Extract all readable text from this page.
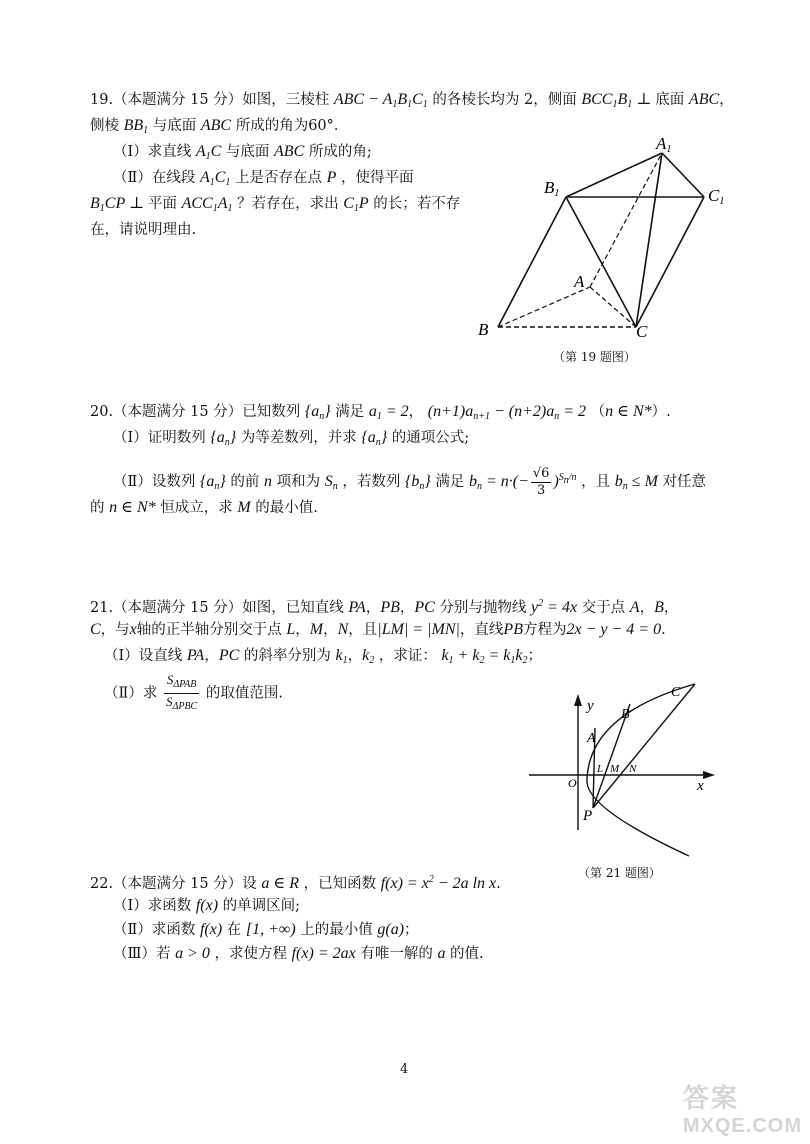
19.（本题满分 15 分）如图，三棱柱 ABC − $A_1B_1C_1$ 的各棱长均为 2，侧面 $BCC_1B_1$ ⊥ 底面 ABC，
侧棱 $BB_1$ 与底面 ABC 所成的角为60°．
（Ⅰ）求直线 $A_1C$ 与底面 ABC 所成的角;
（Ⅱ）在线段 $A_1C_1$ 上是否存在点 P ，使得平面
$B_1CP$ ⊥ 平面 $ACC_1A_1$ ？若存在，求出 $C_1P$ 的长；若不存
在，请说明理由.
A1
B1	C1
A
B	C
（第 19 题图）
20.（本题满分 15 分）已知数列 $\{a_n\}$ 满足 $a_1 = 2$， $(n+1)a_{n+1} - (n+2)a_n = 2$ （n ∈ N*）.
（Ⅰ）证明数列 $\{a_n\}$ 为等差数列，并求 $\{a_n\}$ 的通项公式;
（Ⅱ）设数列 $\{a_n\}$ 的前 n 项和为 $S_n$ ，若数列 $\{b_n\}$ 满足 $b_n = n\cdot(- \frac{√6}{3} )^{S_n/n}$ ，且 $b_n \le M$ 对任意
的 n ∈ N* 恒成立，求 M 的最小值.
21.（本题满分 15 分）如图，已知直线 PA，PB，PC 分别与抛物线 $y^2 = 4x$ 交于点 A，B，
C，与x轴的正半轴分别交于点 L，M，N，且|LM| = |MN|，直线PB方程为2x − y − 4 = 0.
（Ⅰ）设直线 PA，PC 的斜率分别为 $k_1$，$k_2$ ，求证： $k_1 + k_2 = k_1k_2$；
（Ⅱ）求 $\frac{S_{\Delta PAB}}{S_{\Delta PBC}}$ 的取值范围.
y
x
O
A
B
C
L M N
P
（第 21 题图）
22.（本题满分 15 分）设 a ∈ R ，已知函数 $f(x) = x^2 - 2a$ ln x.
（Ⅰ）求函数 f(x) 的单调区间;
（Ⅱ）求函数 f(x) 在 [1, +∞) 上的最小值 g(a)；
（Ⅲ）若 a > 0 ，求使方程 f(x) = 2ax 有唯一解的 a 的值.
4
答案
MXQE.COM
